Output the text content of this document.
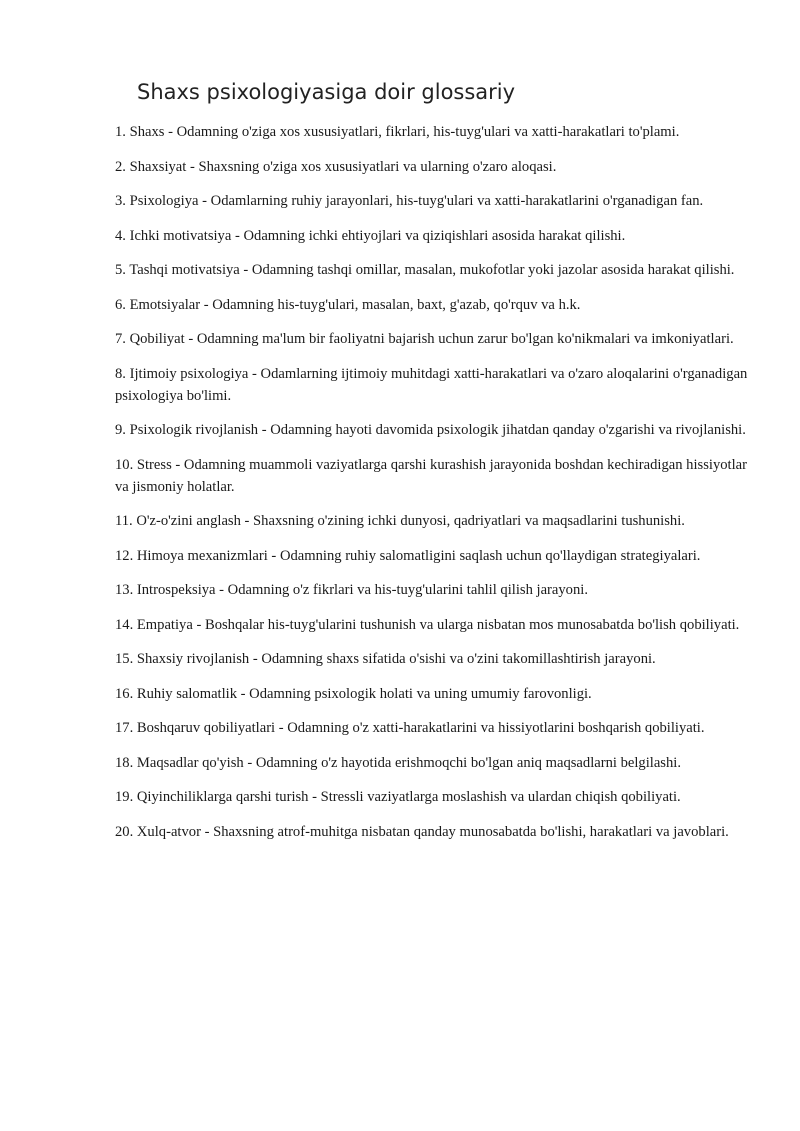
Shaxs psixologiyasiga doir glossariy
1. Shaxs - Odamning o'ziga xos xususiyatlari, fikrlari, his-tuyg'ulari va xatti-harakatlari to'plami.
2. Shaxsiyat - Shaxsning o'ziga xos xususiyatlari va ularning o'zaro aloqasi.
3. Psixologiya - Odamlarning ruhiy jarayonlari, his-tuyg'ulari va xatti-harakatlarini o'rganadigan fan.
4. Ichki motivatsiya - Odamning ichki ehtiyojlari va qiziqishlari asosida harakat qilishi.
5. Tashqi motivatsiya - Odamning tashqi omillar, masalan, mukofotlar yoki jazolar asosida harakat qilishi.
6. Emotsiyalar - Odamning his-tuyg'ulari, masalan, baxt, g'azab, qo'rquv va h.k.
7. Qobiliyat - Odamning ma'lum bir faoliyatni bajarish uchun zarur bo'lgan ko'nikmalari va imkoniyatlari.
8. Ijtimoiy psixologiya - Odamlarning ijtimoiy muhitdagi xatti-harakatlari va o'zaro aloqalarini o'rganadigan psixologiya bo'limi.
9. Psixologik rivojlanish - Odamning hayoti davomida psixologik jihatdan qanday o'zgarishi va rivojlanishi.
10. Stress - Odamning muammoli vaziyatlarga qarshi kurashish jarayonida boshdan kechiradigan hissiyotlar va jismoniy holatlar.
11. O'z-o'zini anglash - Shaxsning o'zining ichki dunyosi, qadriyatlari va maqsadlarini tushunishi.
12. Himoya mexanizmlari - Odamning ruhiy salomatligini saqlash uchun qo'llaydigan strategiyalari.
13. Introspeksiya - Odamning o'z fikrlari va his-tuyg'ularini tahlil qilish jarayoni.
14. Empatiya - Boshqalar his-tuyg'ularini tushunish va ularga nisbatan mos munosabatda bo'lish qobiliyati.
15. Shaxsiy rivojlanish - Odamning shaxs sifatida o'sishi va o'zini takomillashtirish jarayoni.
16. Ruhiy salomatlik - Odamning psixologik holati va uning umumiy farovonligi.
17. Boshqaruv qobiliyatlari - Odamning o'z xatti-harakatlarini va hissiyotlarini boshqarish qobiliyati.
18. Maqsadlar qo'yish - Odamning o'z hayotida erishmoqchi bo'lgan aniq maqsadlarni belgilashi.
19. Qiyinchiliklarga qarshi turish - Stressli vaziyatlarga moslashish va ulardan chiqish qobiliyati.
20. Xulq-atvor - Shaxsning atrof-muhitga nisbatan qanday munosabatda bo'lishi, harakatlari va javoblari.
